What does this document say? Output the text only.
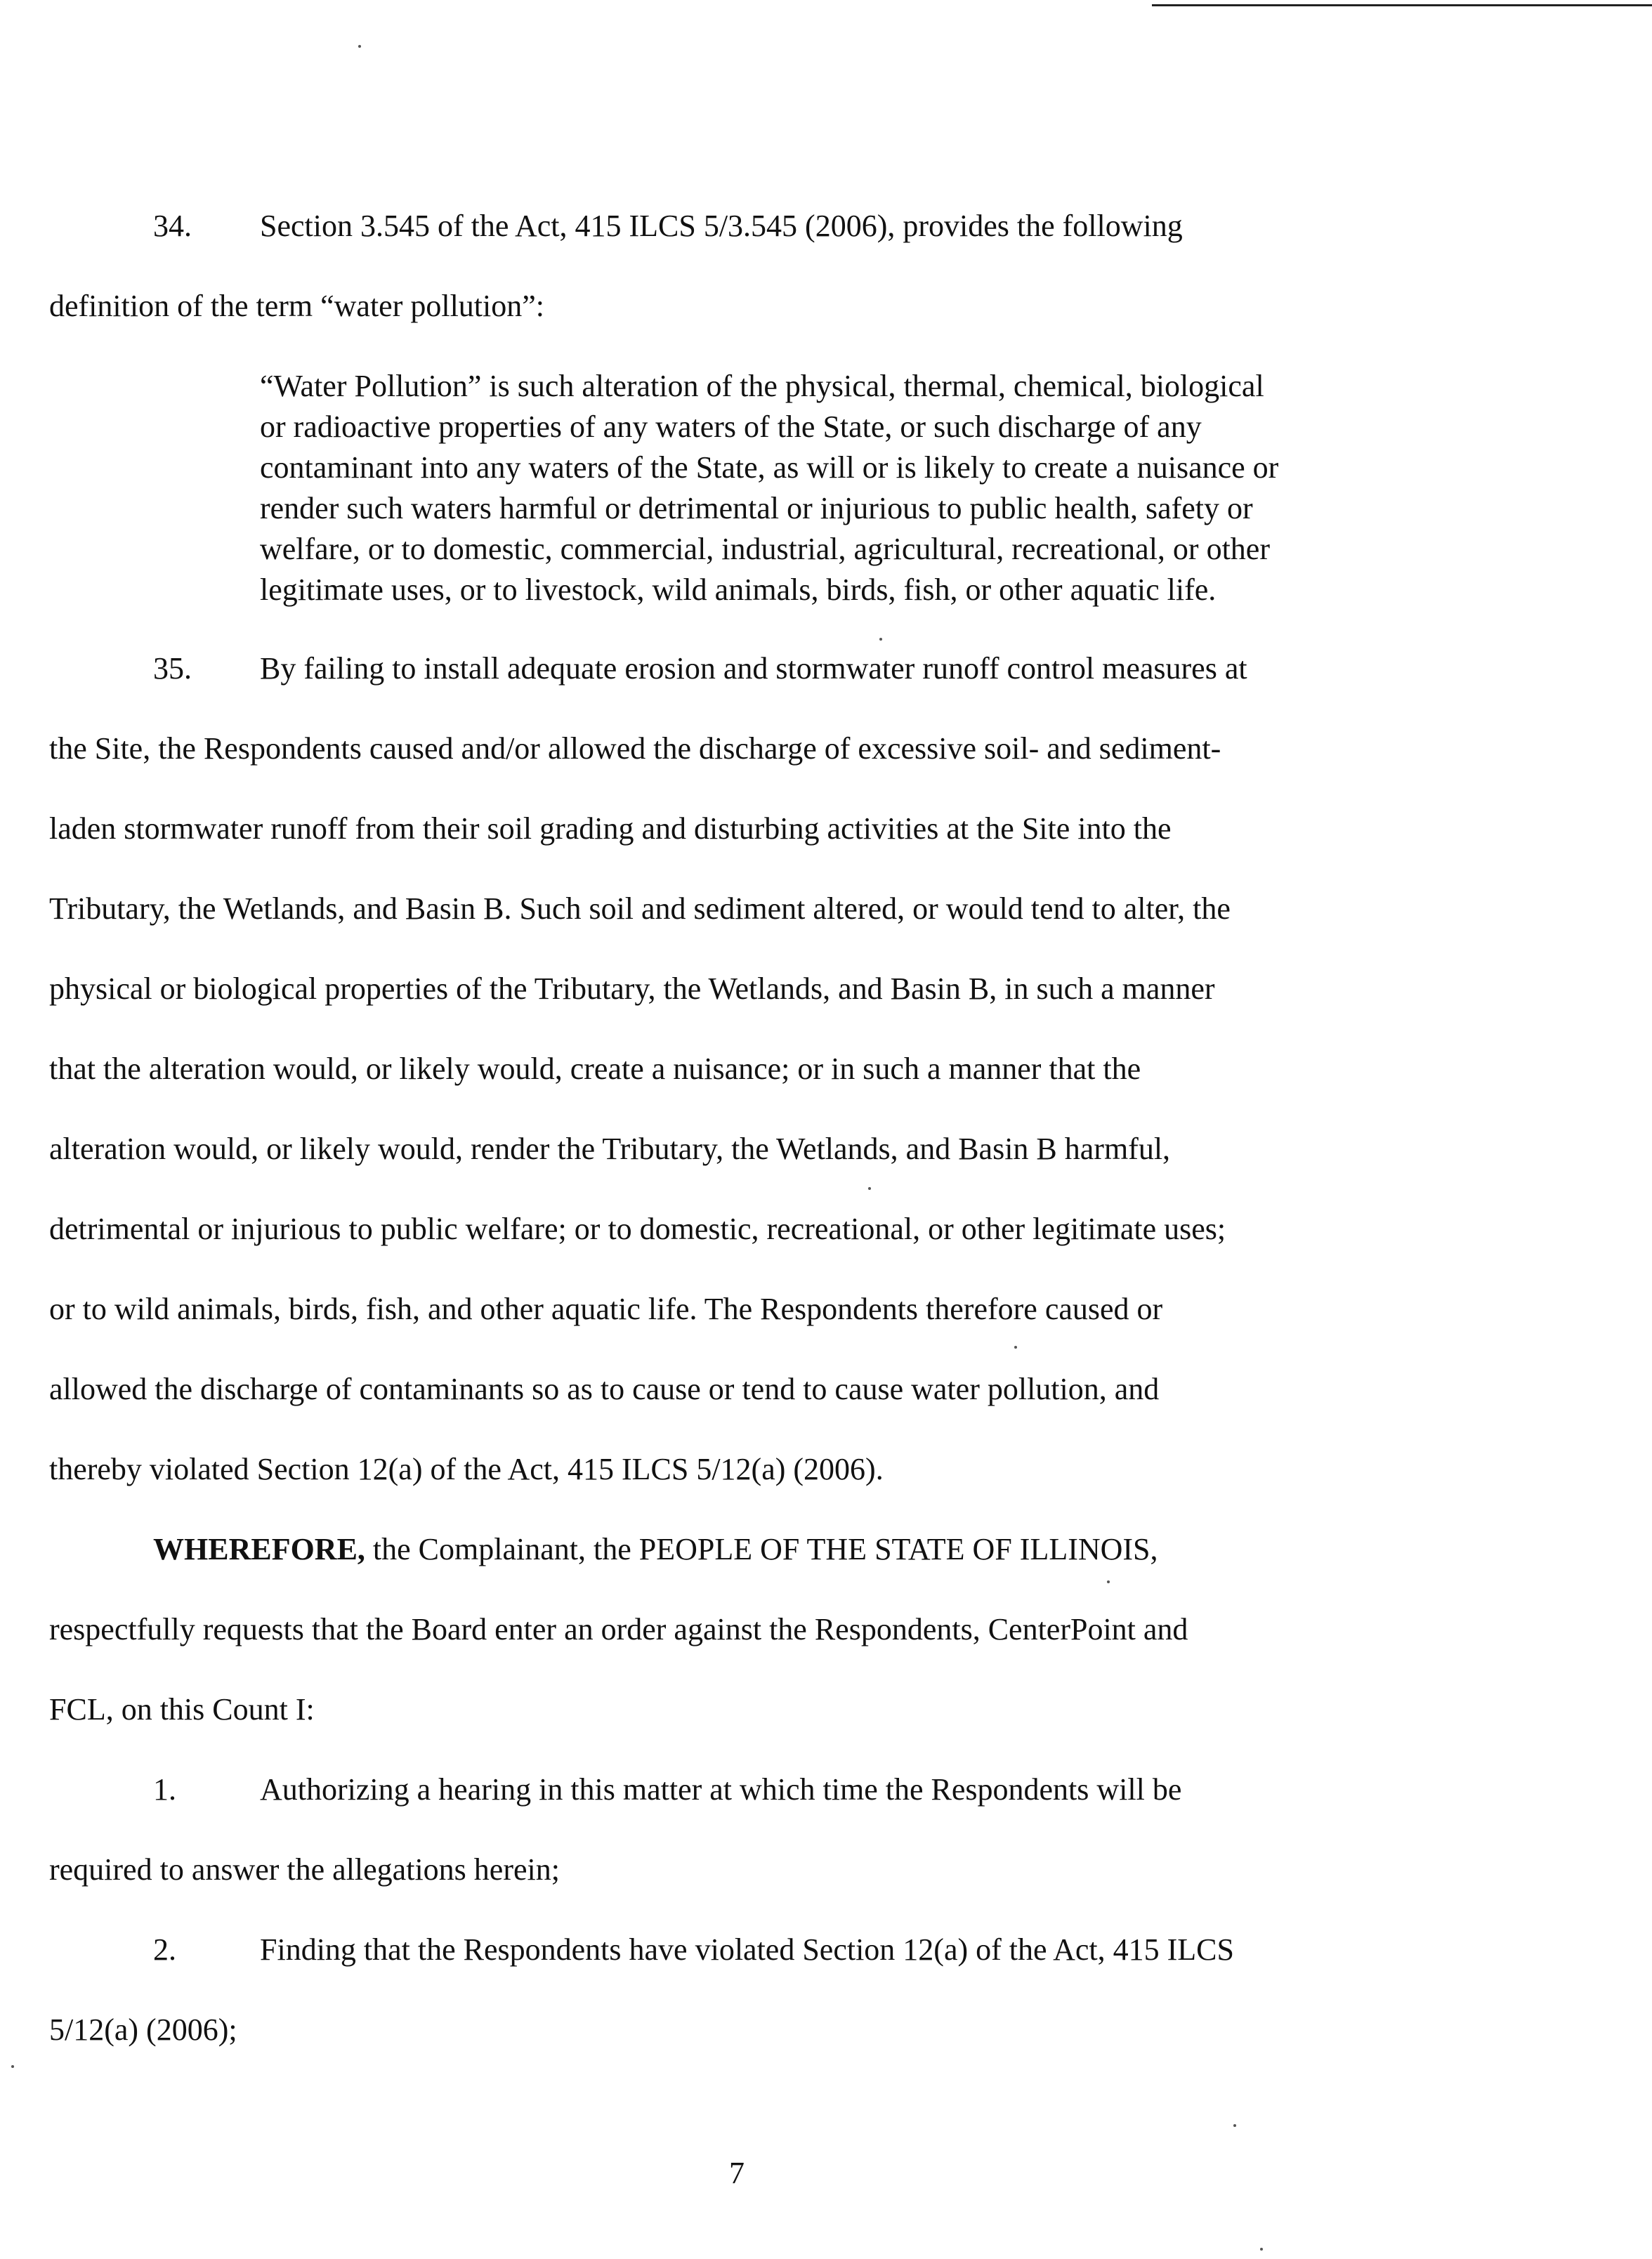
34. Section 3.545 of the Act, 415 ILCS 5/3.545 (2006), provides the following
definition of the term “water pollution”:
“Water Pollution” is such alteration of the physical, thermal, chemical, biological
or radioactive properties of any waters of the State, or such discharge of any
contaminant into any waters of the State, as will or is likely to create a nuisance or
render such waters harmful or detrimental or injurious to public health, safety or
welfare, or to domestic, commercial, industrial, agricultural, recreational, or other
legitimate uses, or to livestock, wild animals, birds, fish, or other aquatic life.
35. By failing to install adequate erosion and stormwater runoff control measures at
the Site, the Respondents caused and/or allowed the discharge of excessive soil- and sediment-
laden stormwater runoff from their soil grading and disturbing activities at the Site into the
Tributary, the Wetlands, and Basin B. Such soil and sediment altered, or would tend to alter, the
physical or biological properties of the Tributary, the Wetlands, and Basin B, in such a manner
that the alteration would, or likely would, create a nuisance; or in such a manner that the
alteration would, or likely would, render the Tributary, the Wetlands, and Basin B harmful,
detrimental or injurious to public welfare; or to domestic, recreational, or other legitimate uses;
or to wild animals, birds, fish, and other aquatic life. The Respondents therefore caused or
allowed the discharge of contaminants so as to cause or tend to cause water pollution, and
thereby violated Section 12(a) of the Act, 415 ILCS 5/12(a) (2006).
WHEREFORE, the Complainant, the PEOPLE OF THE STATE OF ILLINOIS,
respectfully requests that the Board enter an order against the Respondents, CenterPoint and
FCL, on this Count I:
1.	Authorizing a hearing in this matter at which time the Respondents will be
required to answer the allegations herein;
2.	Finding that the Respondents have violated Section 12(a) of the Act, 415 ILCS
5/12(a) (2006);
7
